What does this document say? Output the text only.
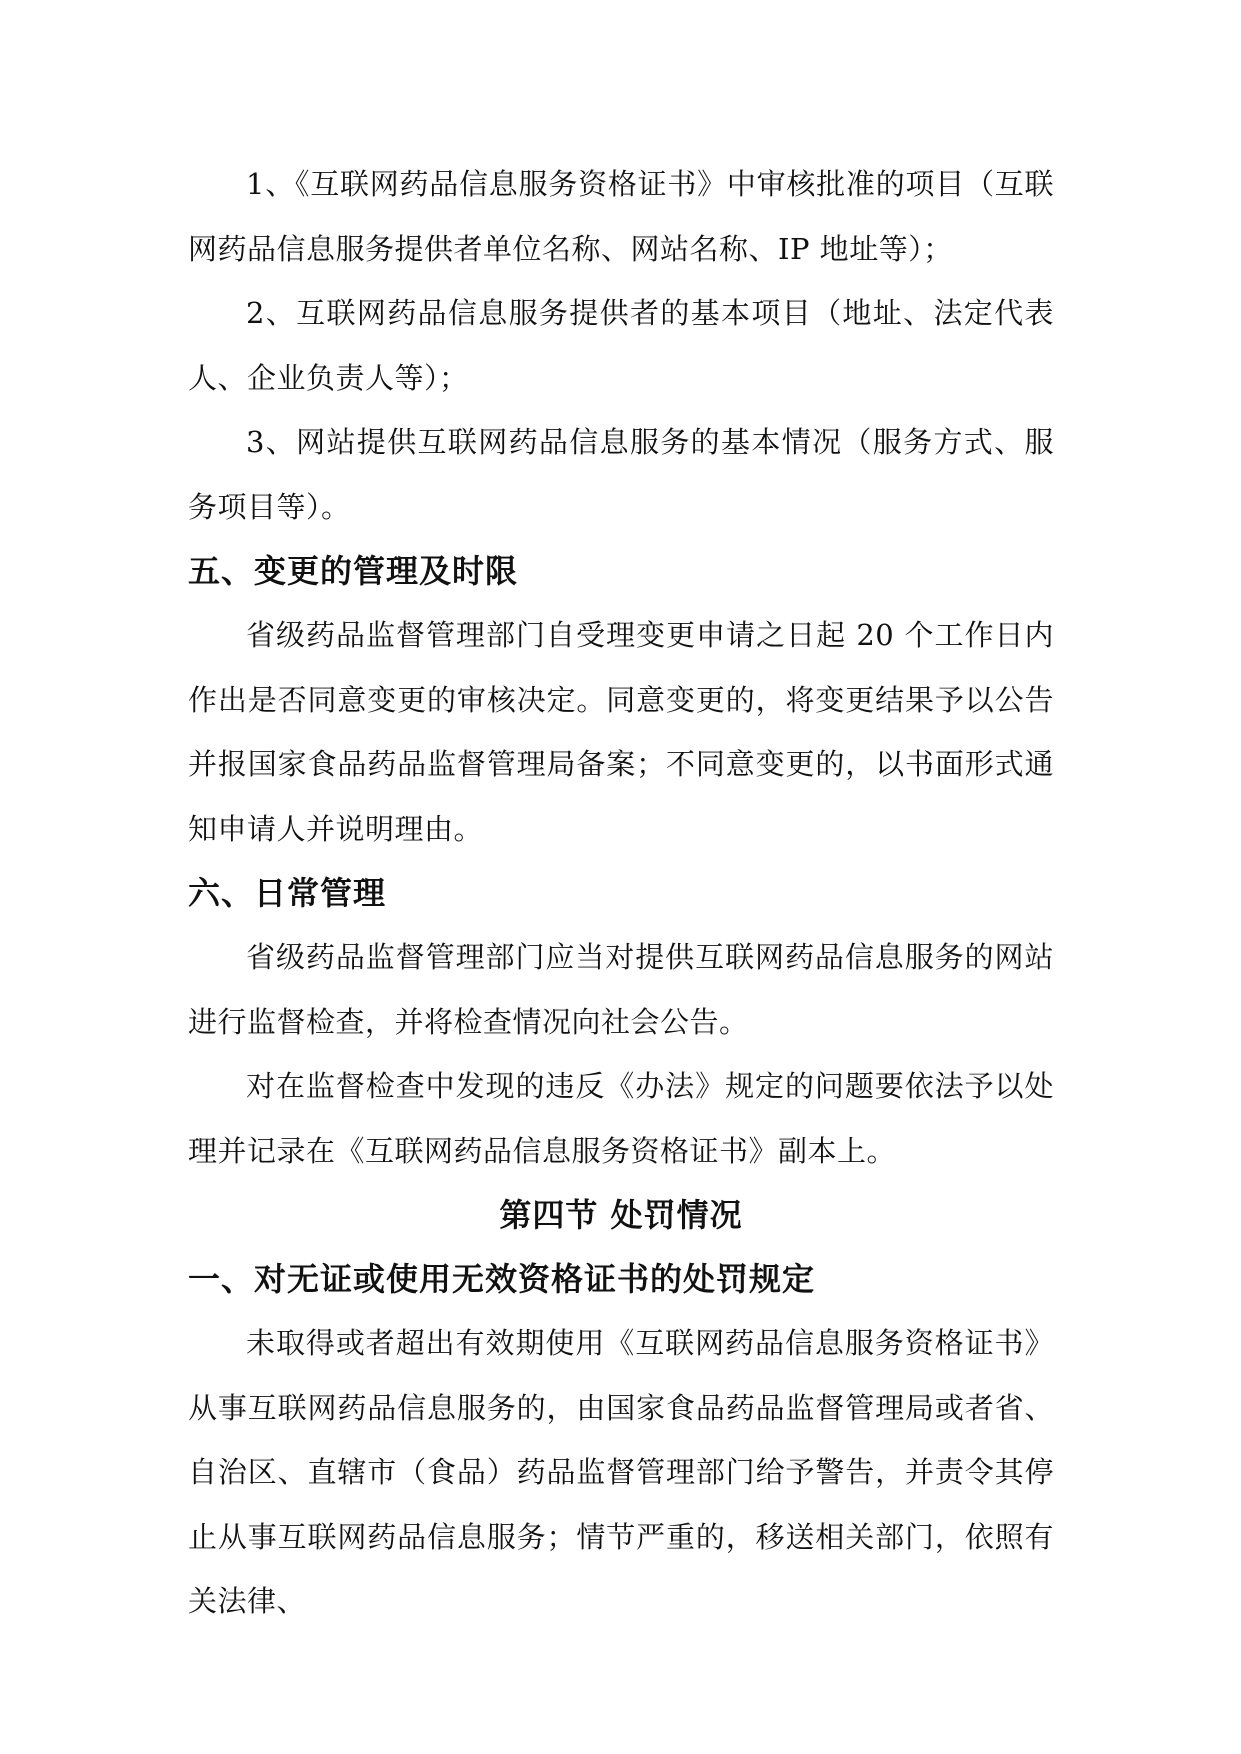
1、《互联网药品信息服务资格证书》中审核批准的项目（互联网药品信息服务提供者单位名称、网站名称、IP 地址等）；

2、互联网药品信息服务提供者的基本项目（地址、法定代表人、企业负责人等）；

3、网站提供互联网药品信息服务的基本情况（服务方式、服务项目等）。

五、变更的管理及时限

省级药品监督管理部门自受理变更申请之日起 20 个工作日内作出是否同意变更的审核决定。同意变更的，将变更结果予以公告并报国家食品药品监督管理局备案；不同意变更的，以书面形式通知申请人并说明理由。

六、日常管理

省级药品监督管理部门应当对提供互联网药品信息服务的网站进行监督检查，并将检查情况向社会公告。

对在监督检查中发现的违反《办法》规定的问题要依法予以处理并记录在《互联网药品信息服务资格证书》副本上。

第四节 处罚情况
一、对无证或使用无效资格证书的处罚规定

未取得或者超出有效期使用《互联网药品信息服务资格证书》从事互联网药品信息服务的，由国家食品药品监督管理局或者省、自治区、直辖市（食品）药品监督管理部门给予警告，并责令其停止从事互联网药品信息服务；情节严重的，移送相关部门，依照有关法律、
